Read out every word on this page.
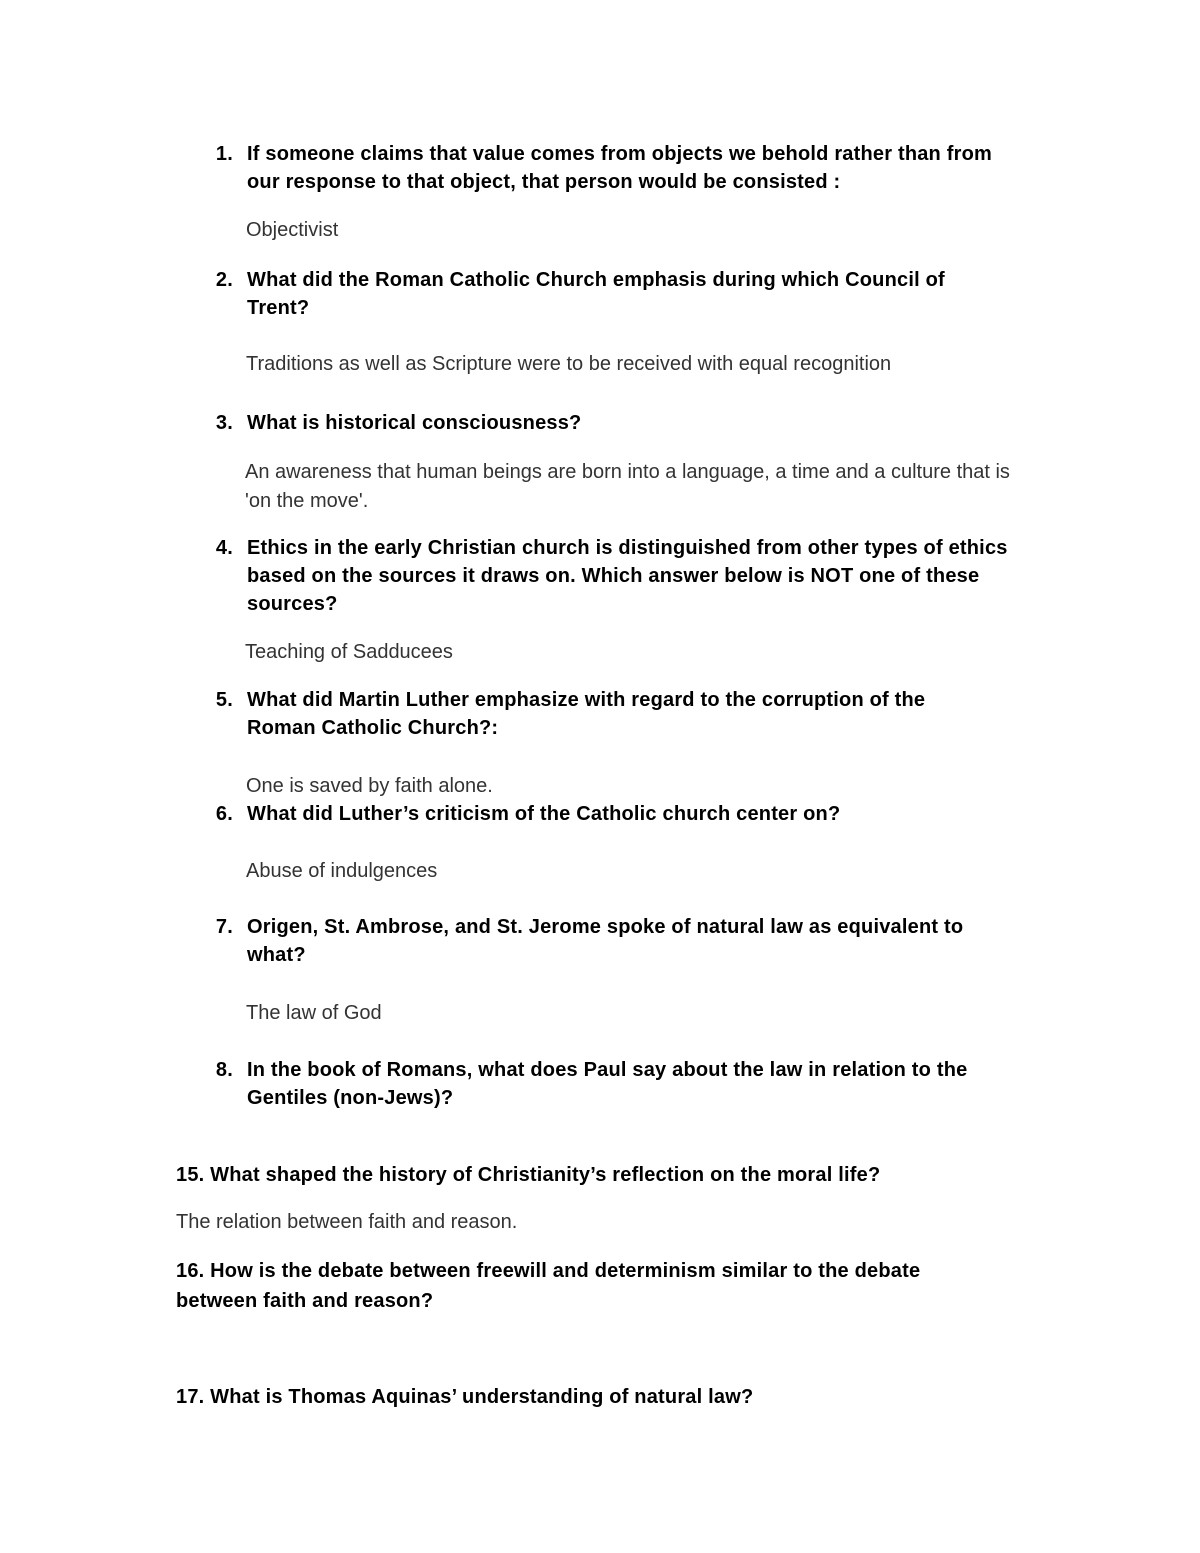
1. If someone claims that value comes from objects we behold rather than from our response to that object, that person would be consisted :
Objectivist
2. What did the Roman Catholic Church emphasis during which Council of Trent?
Traditions as well as Scripture were to be received with equal recognition
3. What is historical consciousness?
An awareness that human beings are born into a language, a time and a culture that is 'on the move'.
4. Ethics in the early Christian church is distinguished from other types of ethics based on the sources it draws on. Which answer below is NOT one of these sources?
Teaching of Sadducees
5. What did Martin Luther emphasize with regard to the corruption of the Roman Catholic Church?:
One is saved by faith alone.
6. What did Luther’s criticism of the Catholic church center on?
Abuse of indulgences
7. Origen, St. Ambrose, and St. Jerome spoke of natural law as equivalent to what?
The law of God
8. In the book of Romans, what does Paul say about the law in relation to the Gentiles (non-Jews)?
15. What shaped the history of Christianity’s reflection on the moral life?
The relation between faith and reason.
16. How is the debate between freewill and determinism similar to the debate between faith and reason?
17. What is Thomas Aquinas’ understanding of natural law?
